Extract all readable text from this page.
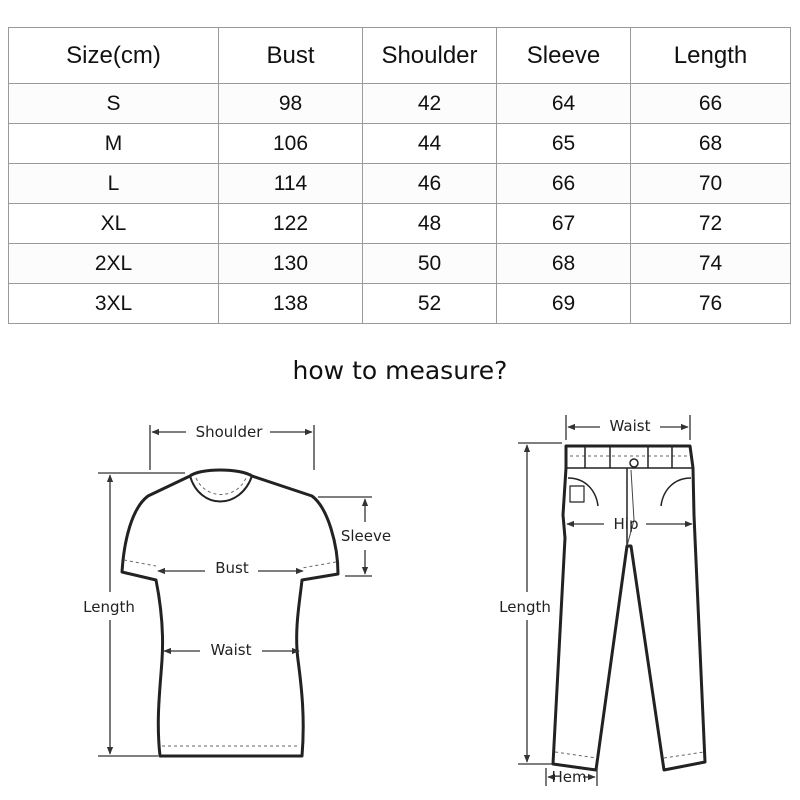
Size(cm)	Bust	Shoulder	Sleeve	Length
S	98	42	64	66
M	106	44	65	68
L	114	46	66	70
XL	122	48	67	72
2XL	130	50	68	74
3XL	138	52	69	76
how to measure?
Shoulder
Sleeve
Bust
Length
Waist
Waist
Hip
Length
Hem
